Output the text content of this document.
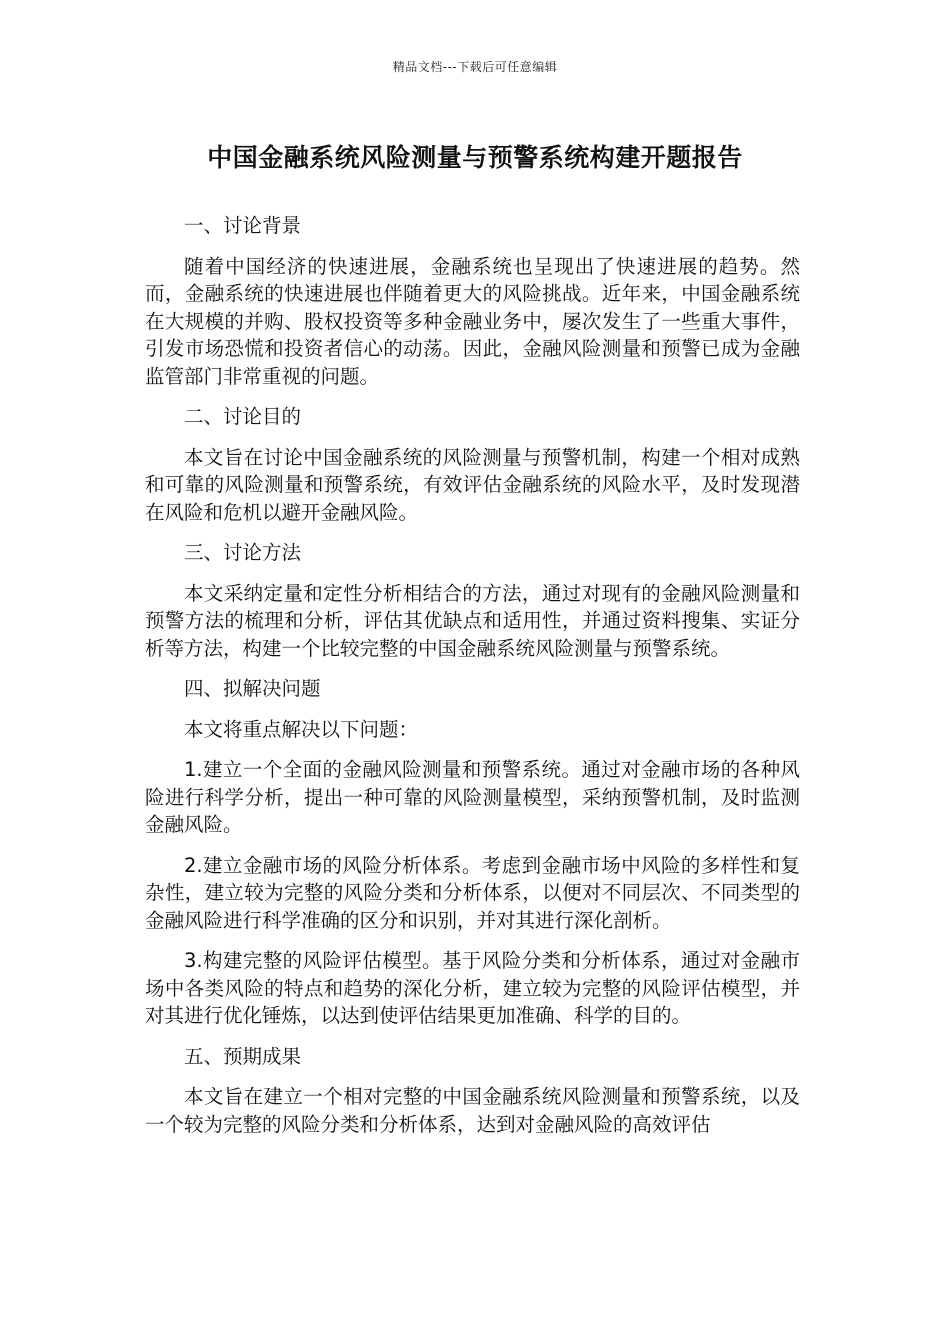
精品文档---下载后可任意编辑
中国金融系统风险测量与预警系统构建开题报告
一、讨论背景

随着中国经济的快速进展，金融系统也呈现出了快速进展的趋势。然而，金融系统的快速进展也伴随着更大的风险挑战。近年来，中国金融系统在大规模的并购、股权投资等多种金融业务中，屡次发生了一些重大事件，引发市场恐慌和投资者信心的动荡。因此，金融风险测量和预警已成为金融监管部门非常重视的问题。

二、讨论目的

本文旨在讨论中国金融系统的风险测量与预警机制，构建一个相对成熟和可靠的风险测量和预警系统，有效评估金融系统的风险水平，及时发现潜在风险和危机以避开金融风险。

三、讨论方法

本文采纳定量和定性分析相结合的方法，通过对现有的金融风险测量和预警方法的梳理和分析，评估其优缺点和适用性，并通过资料搜集、实证分析等方法，构建一个比较完整的中国金融系统风险测量与预警系统。

四、拟解决问题

本文将重点解决以下问题：

1.建立一个全面的金融风险测量和预警系统。通过对金融市场的各种风险进行科学分析，提出一种可靠的风险测量模型，采纳预警机制，及时监测金融风险。

2.建立金融市场的风险分析体系。考虑到金融市场中风险的多样性和复杂性，建立较为完整的风险分类和分析体系，以便对不同层次、不同类型的金融风险进行科学准确的区分和识别，并对其进行深化剖析。

3.构建完整的风险评估模型。基于风险分类和分析体系，通过对金融市场中各类风险的特点和趋势的深化分析，建立较为完整的风险评估模型，并对其进行优化锤炼，以达到使评估结果更加准确、科学的目的。

五、预期成果

本文旨在建立一个相对完整的中国金融系统风险测量和预警系统，以及一个较为完整的风险分类和分析体系，达到对金融风险的高效评估
